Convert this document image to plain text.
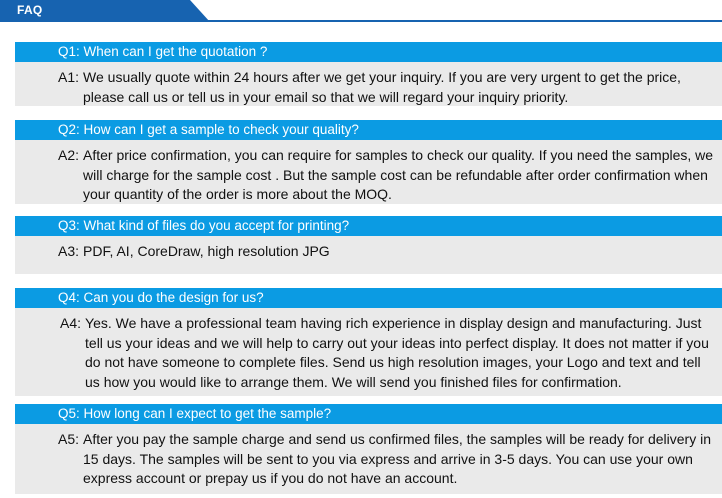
FAQ
Q1: When can I get the quotation ?
A1: We usually quote within 24 hours after we get your inquiry. If you are very urgent to get the price, please call us or tell us in your email so that we will regard your inquiry priority.
Q2: How can I get a sample to check your quality?
A2: After price confirmation, you can require for samples to check our quality. If you need the samples, we will charge for the sample cost . But the sample cost can be refundable after order confirmation when your quantity of the order is more about the MOQ.
Q3: What kind of files do you accept for printing?
A3: PDF, AI, CoreDraw, high resolution JPG
Q4: Can you do the design for us?
A4: Yes. We have a professional team having rich experience in display design and manufacturing. Just tell us your ideas and we will help to carry out your ideas into perfect display. It does not matter if you do not have someone to complete files. Send us high resolution images, your Logo and text and tell us how you would like to arrange them. We will send you finished files for confirmation.
Q5: How long can I expect to get the sample?
A5: After you pay the sample charge and send us confirmed files, the samples will be ready for delivery in 15 days. The samples will be sent to you via express and arrive in 3-5 days. You can use your own express account or prepay us if you do not have an account.
